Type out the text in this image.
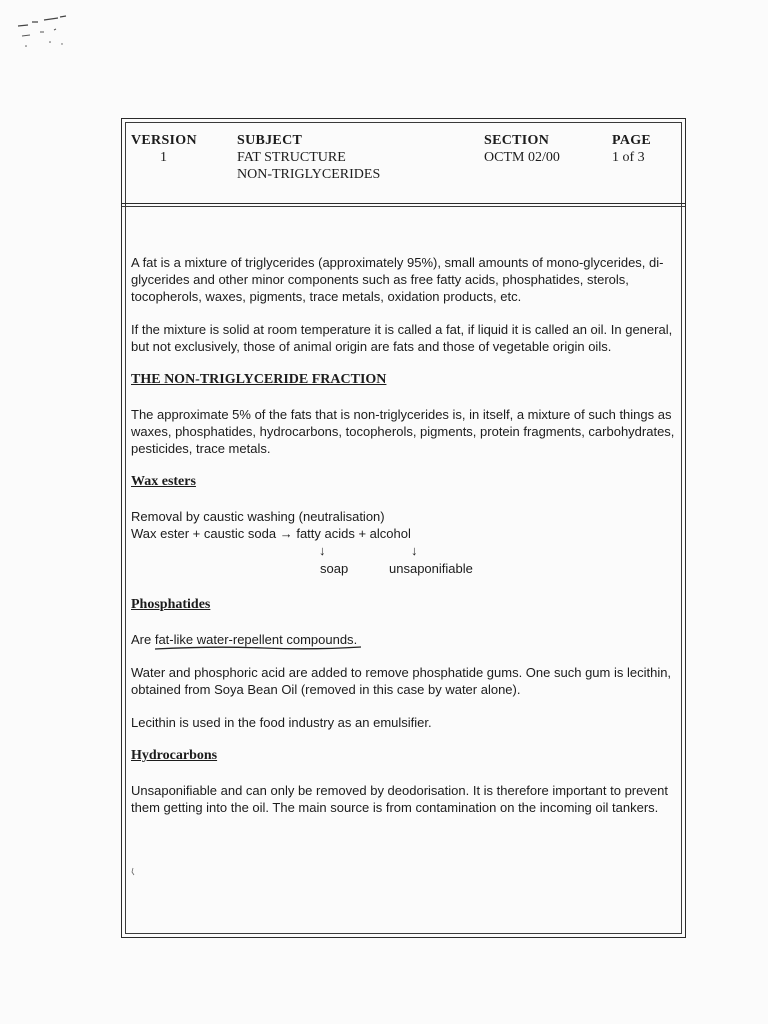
VERSION
1
SUBJECT
FAT STRUCTURE
NON-TRIGLYCERIDES
SECTION
OCTM 02/00
PAGE
1 of 3

A fat is a mixture of triglycerides (approximately 95%), small amounts of mono-glycerides, di-glycerides and other minor components such as free fatty acids, phosphatides, sterols, tocopherols, waxes, pigments, trace metals, oxidation products, etc.

If the mixture is solid at room temperature it is called a fat, if liquid it is called an oil. In general, but not exclusively, those of animal origin are fats and those of vegetable origin oils.

THE NON-TRIGLYCERIDE FRACTION

The approximate 5% of the fats that is non-triglycerides is, in itself, a mixture of such things as waxes, phosphatides, hydrocarbons, tocopherols, pigments, protein fragments, carbohydrates, pesticides, trace metals.

Wax esters
Removal by caustic washing (neutralisation)
Wax ester + caustic soda → fatty acids + alcohol
↓	↓
soap	unsaponifiable
Phosphatides

Are fat-like water-repellent compounds
.

Water and phosphoric acid are added to remove phosphatide gums. One such gum is lecithin, obtained from Soya Bean Oil (removed in this case by water alone).

Lecithin is used in the food industry as an emulsifier.

Hydrocarbons

Unsaponifiable and can only be removed by deodorisation. It is therefore important to prevent them getting into the oil. The main source is from contamination on the incoming oil tankers.
